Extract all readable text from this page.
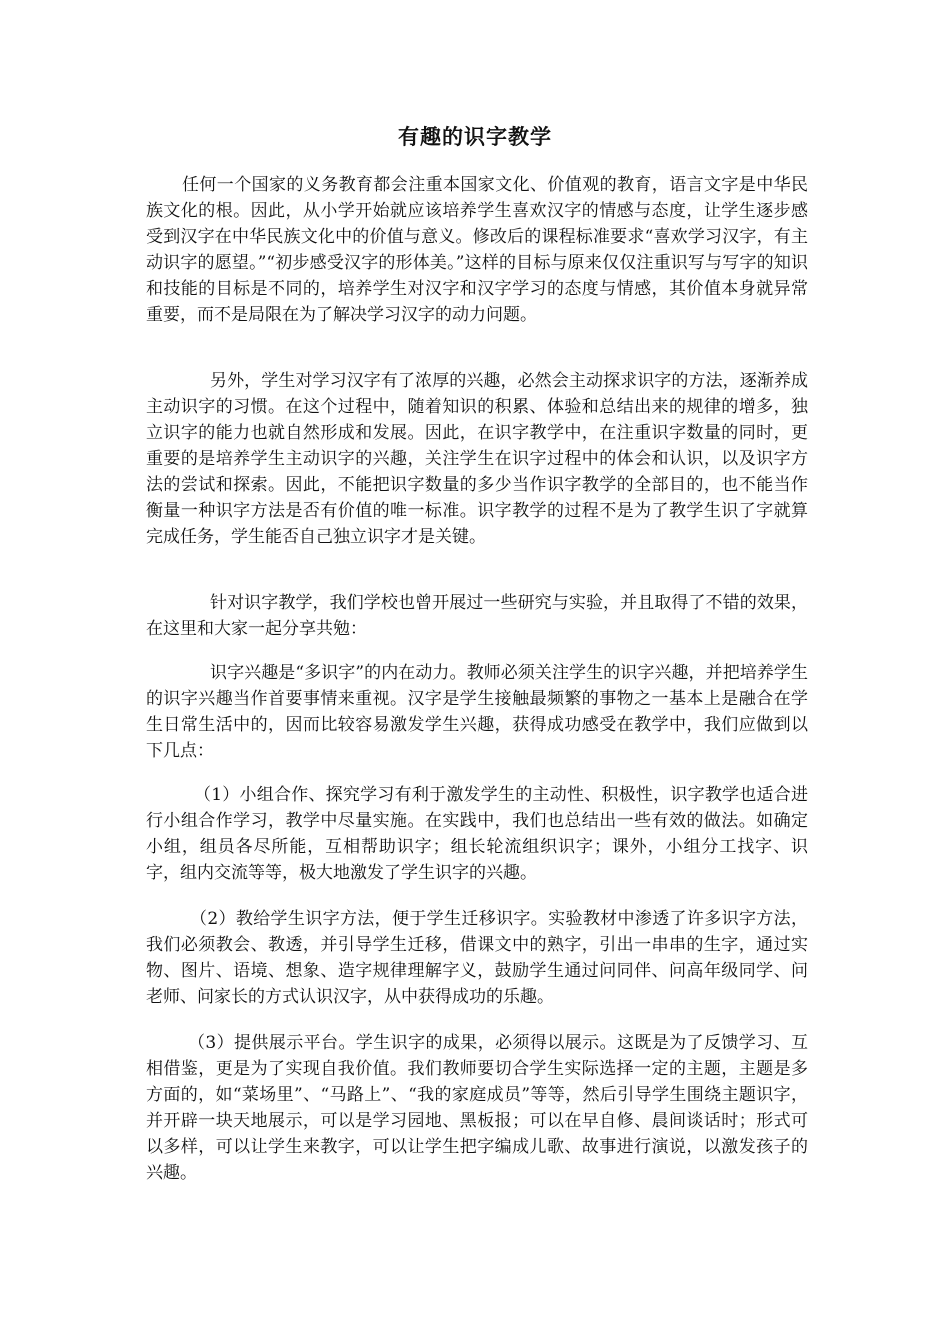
有趣的识字教学

任何一个国家的义务教育都会注重本国家文化、价值观的教育，语言文字是中华民族文化的根。因此，从小学开始就应该培养学生喜欢汉字的情感与态度，让学生逐步感受到汉字在中华民族文化中的价值与意义。修改后的课程标准要求“喜欢学习汉字，有主动识字的愿望。”“初步感受汉字的形体美。”这样的目标与原来仅仅注重识写与写字的知识和技能的目标是不同的，培养学生对汉字和汉字学习的态度与情感，其价值本身就异常重要，而不是局限在为了解决学习汉字的动力问题。

另外，学生对学习汉字有了浓厚的兴趣，必然会主动探求识字的方法，逐渐养成主动识字的习惯。在这个过程中，随着知识的积累、体验和总结出来的规律的增多，独立识字的能力也就自然形成和发展。因此，在识字教学中，在注重识字数量的同时，更重要的是培养学生主动识字的兴趣，关注学生在识字过程中的体会和认识，以及识字方法的尝试和探索。因此，不能把识字数量的多少当作识字教学的全部目的，也不能当作衡量一种识字方法是否有价值的唯一标准。识字教学的过程不是为了教学生识了字就算完成任务，学生能否自己独立识字才是关键。

针对识字教学，我们学校也曾开展过一些研究与实验，并且取得了不错的效果，在这里和大家一起分享共勉：

识字兴趣是“多识字”的内在动力。教师必须关注学生的识字兴趣，并把培养学生的识字兴趣当作首要事情来重视。汉字是学生接触最频繁的事物之一基本上是融合在学生日常生活中的，因而比较容易激发学生兴趣，获得成功感受在教学中，我们应做到以下几点：

（1）小组合作、探究学习有利于激发学生的主动性、积极性，识字教学也适合进行小组合作学习，教学中尽量实施。在实践中，我们也总结出一些有效的做法。如确定小组，组员各尽所能，互相帮助识字；组长轮流组织识字；课外，小组分工找字、识字，组内交流等等，极大地激发了学生识字的兴趣。

（2）教给学生识字方法，便于学生迁移识字。实验教材中渗透了许多识字方法，我们必须教会、教透，并引导学生迁移，借课文中的熟字，引出一串串的生字，通过实物、图片、语境、想象、造字规律理解字义，鼓励学生通过问同伴、问高年级同学、问老师、问家长的方式认识汉字，从中获得成功的乐趣。

（3）提供展示平台。学生识字的成果，必须得以展示。这既是为了反馈学习、互相借鉴，更是为了实现自我价值。我们教师要切合学生实际选择一定的主题，主题是多方面的，如“菜场里”、“马路上”、“我的家庭成员”等等，然后引导学生围绕主题识字，并开辟一块天地展示，可以是学习园地、黑板报；可以在早自修、晨间谈话时；形式可以多样，可以让学生来教字，可以让学生把字编成儿歌、故事进行演说，以激发孩子的兴趣。
